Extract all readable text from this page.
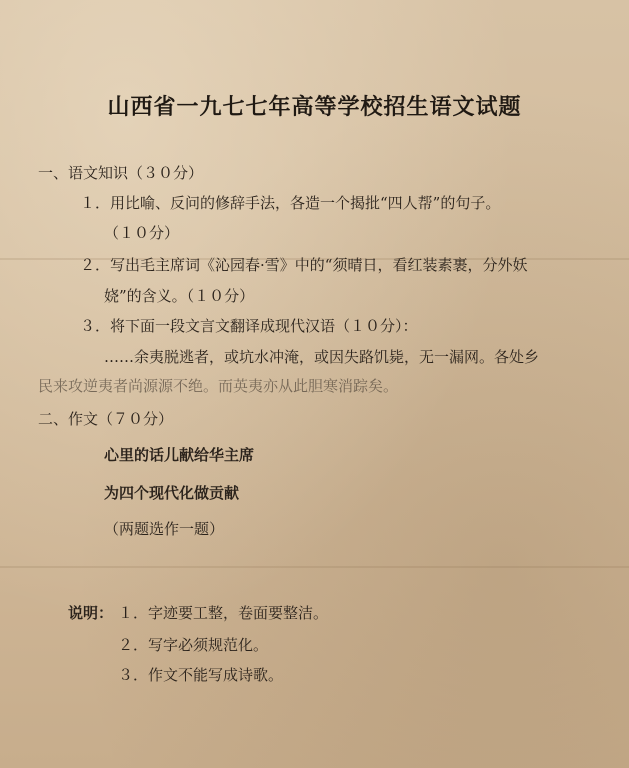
山西省一九七七年高等学校招生语文试题
一、语文知识（３０分）
１．用比喻、反问的修辞手法，各造一个揭批“四人帮”的句子。
（１０分）
２．写出毛主席词《沁园春·雪》中的“须晴日，看红装素裹，分外妖
娆”的含义。（１０分）
３．将下面一段文言文翻译成现代汉语（１０分）：
……余夷脱逃者，或坑水冲淹，或因失路饥毙，无一漏网。各处乡
民来攻逆夷者尚源源不绝。而英夷亦从此胆寒消踪矣。
二、作文（７０分）
心里的话儿献给华主席
为四个现代化做贡献
（两题选作一题）
说明： １．字迹要工整，卷面要整洁。
２．写字必须规范化。
３．作文不能写成诗歌。
